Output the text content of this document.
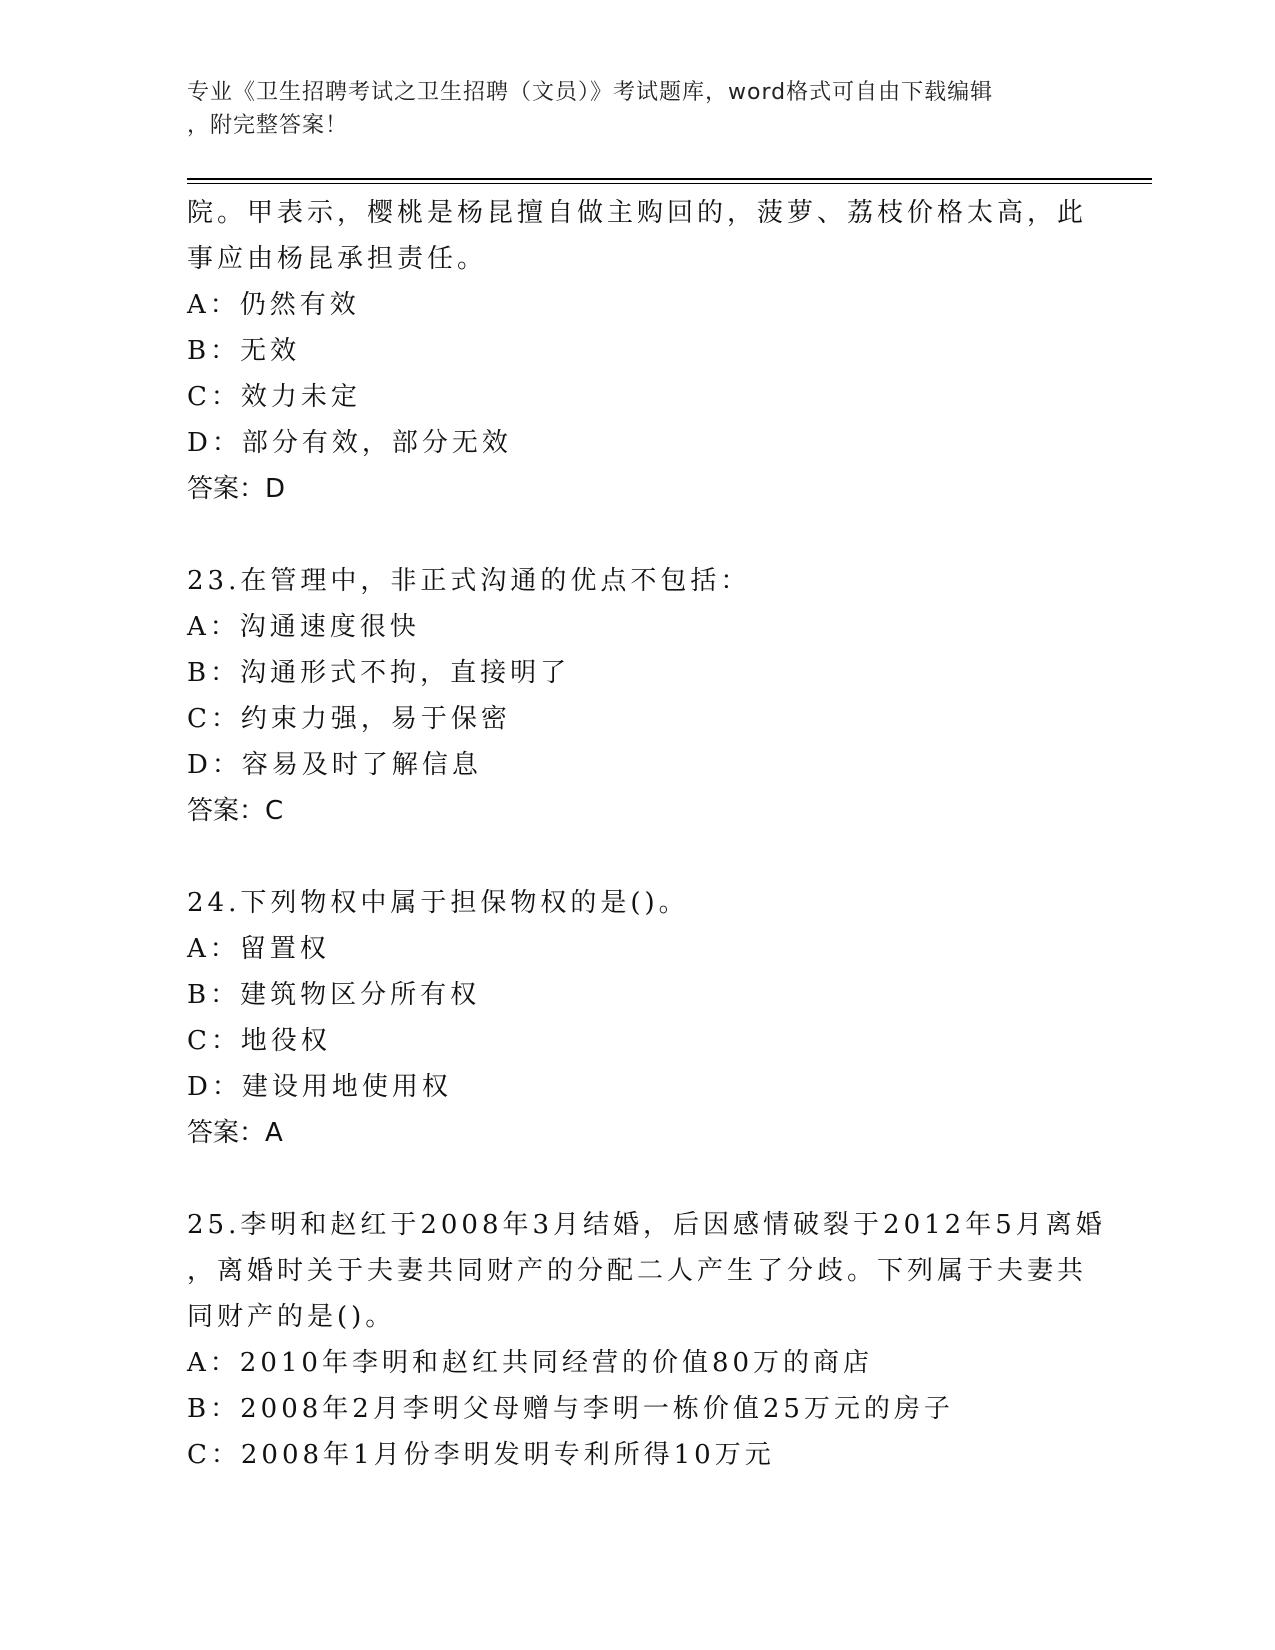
专业《卫生招聘考试之卫生招聘（文员）》考试题库，word格式可自由下载编辑
，附完整答案！
院。甲表示，樱桃是杨昆擅自做主购回的，菠萝、荔枝价格太高，此
事应由杨昆承担责任。
A：仍然有效
B：无效
C：效力未定
D：部分有效，部分无效
答案：D
23.在管理中，非正式沟通的优点不包括：
A：沟通速度很快
B：沟通形式不拘，直接明了
C：约束力强，易于保密
D：容易及时了解信息
答案：C
24.下列物权中属于担保物权的是()。
A：留置权
B：建筑物区分所有权
C：地役权
D：建设用地使用权
答案：A
25.李明和赵红于2008年3月结婚，后因感情破裂于2012年5月离婚
，离婚时关于夫妻共同财产的分配二人产生了分歧。下列属于夫妻共
同财产的是()。
A：2010年李明和赵红共同经营的价值80万的商店
B：2008年2月李明父母赠与李明一栋价值25万元的房子
C：2008年1月份李明发明专利所得10万元
